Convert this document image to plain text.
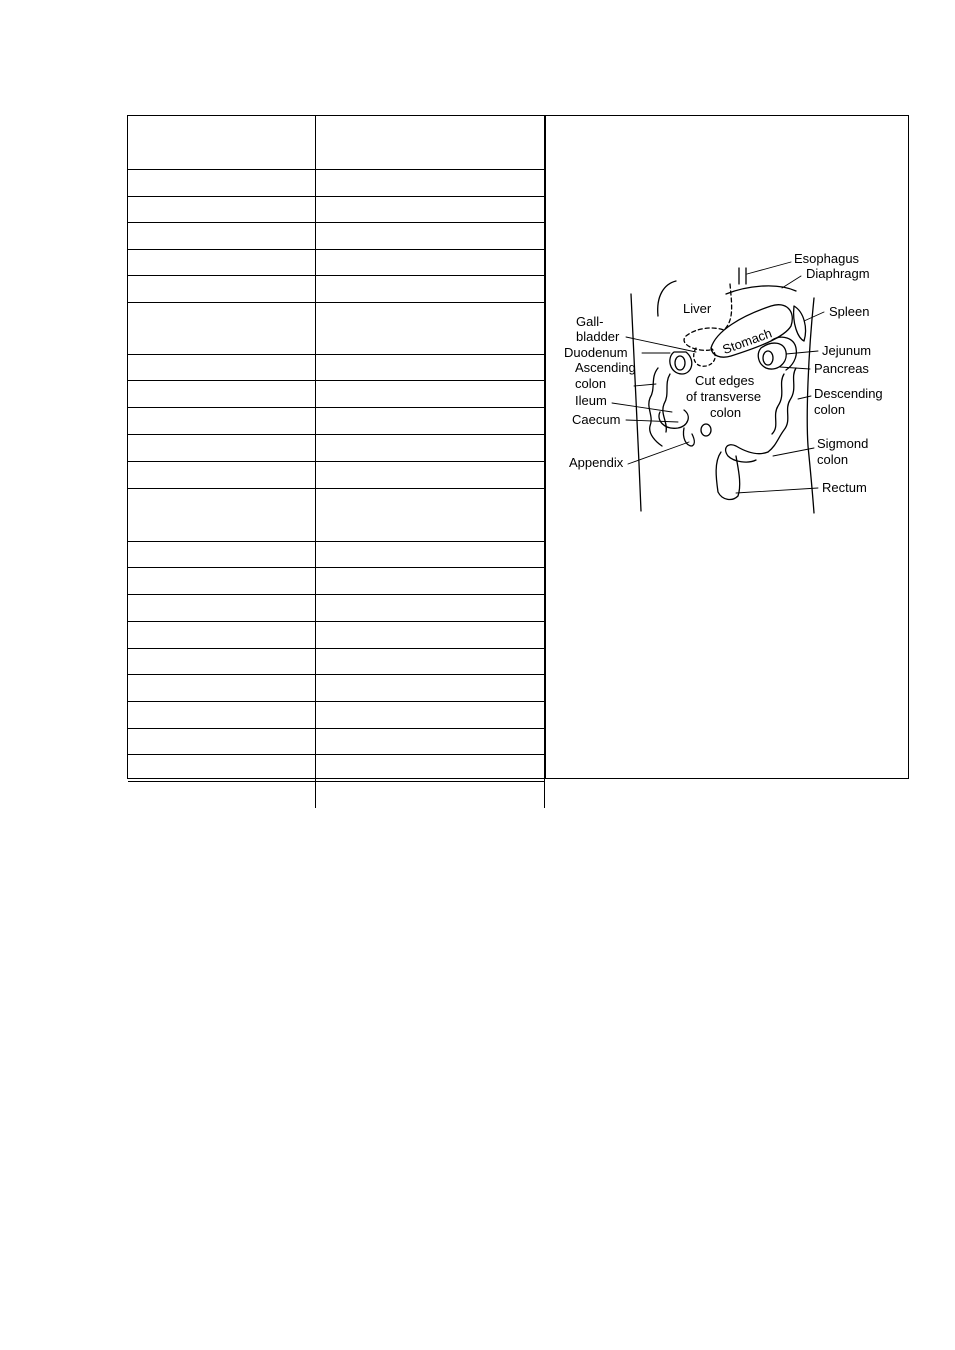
Esophagus
Diaphragm
Liver	Spleen
Gall-
bladder	Stomach
Duodenum	Jejunum
Pancreas
Ascending
colon	Cut edges
of transverse
colon
Descending
colon
Ileum
Caecum
Sigmond
colon
Appendix
Rectum
